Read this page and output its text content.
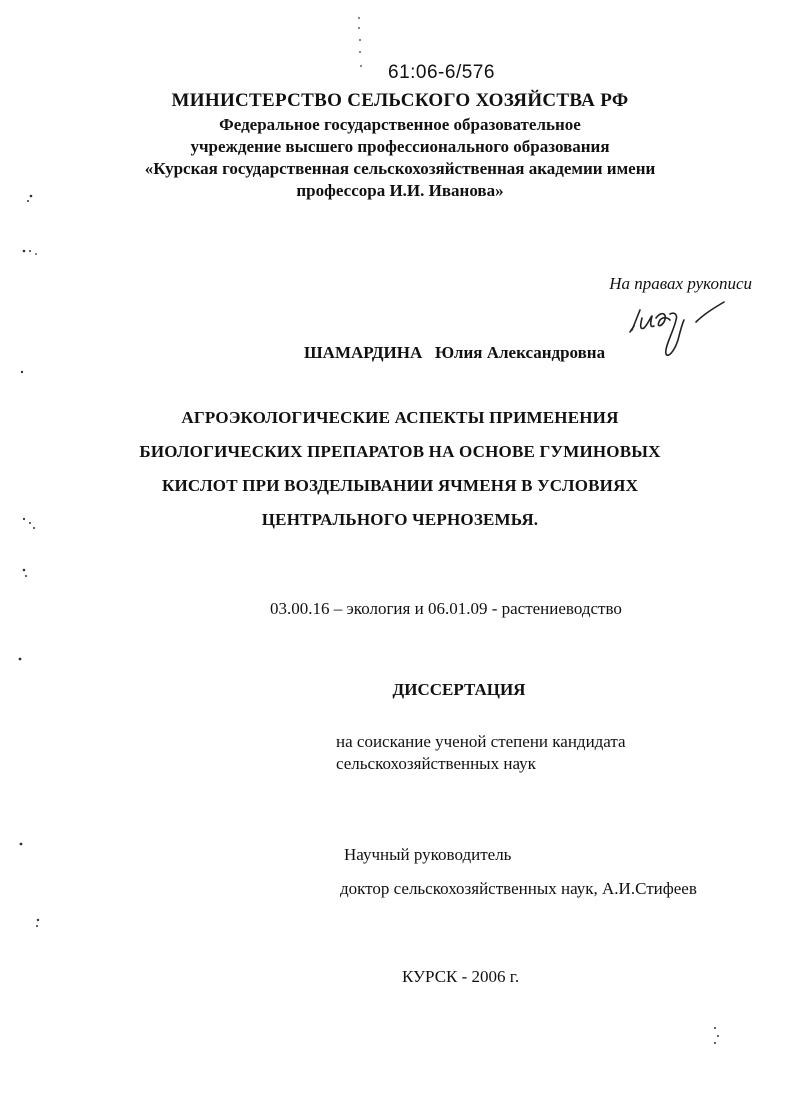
61:06-6/576
МИНИСТЕРСТВО СЕЛЬСКОГО ХОЗЯЙСТВА РФ
Федеральное государственное образовательное
учреждение высшего профессионального образования
«Курская государственная сельскохозяйственная академии имени
профессора И.И. Иванова»
На правах рукописи
ШАМАРДИНА Юлия Александровна
АГРОЭКОЛОГИЧЕСКИЕ АСПЕКТЫ ПРИМЕНЕНИЯ
БИОЛОГИЧЕСКИХ ПРЕПАРАТОВ НА ОСНОВЕ ГУМИНОВЫХ
КИСЛОТ ПРИ ВОЗДЕЛЫВАНИИ ЯЧМЕНЯ В УСЛОВИЯХ
ЦЕНТРАЛЬНОГО ЧЕРНОЗЕМЬЯ.
03.00.16 – экология и 06.01.09 - растениеводство
ДИССЕРТАЦИЯ
на соискание ученой степени кандидата
сельскохозяйственных наук
Научный руководитель
доктор сельскохозяйственных наук, А.И.Стифеев
КУРСК - 2006 г.
